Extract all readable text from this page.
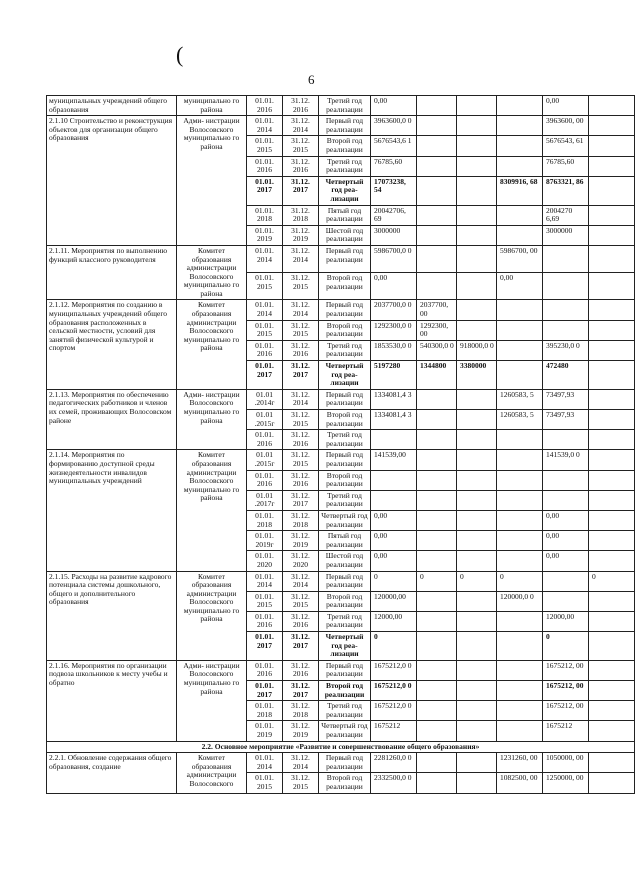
(
6
муниципальных учреждений общего образования	муниципально го района	01.01. 2016	31.12. 2016	Третий год реализации	0,00				0,00	
2.1.10 Строительство и реконструкция объектов для организации общего образования	Адми- нистрации Волосовского муниципально го района	01.01. 2014	31.12. 2014	Первый год реализации	3963600,0 0				3963600, 00	
		01.01. 2015	31.12. 2015	Второй год реализации	5676543,6 1				5676543, 61	
		01.01. 2016	31.12. 2016	Третий год реализации	76785,60				76785,60	
		01.01. 2017	31.12. 2017	Четвертый год реа- лизации	17073238, 54			8309916, 68	8763321, 86	
		01.01. 2018	31.12. 2018	Пятый год реализации	20042706, 69				2004270 6,69	
		01.01. 2019	31.12. 2019	Шестой год реализации	3000000				3000000	
2.1.11. Мероприятия по выполнению функций классного руководителя	Комитет образования администрации Волосовского муниципально го района	01.01. 2014	31.12. 2014	Первый год реализации	5986700,0 0			5986700, 00		
		01.01. 2015	31.12. 2015	Второй год реализации	0,00			0,00		
2.1.12. Мероприятия по созданию в муниципальных учреждений общего образования расположенных в сельской местности, условий для занятий физической культурой и спортом	Комитет образования администрации Волосовского муниципально го района	01.01. 2014	31.12. 2014	Первый год реализации	2037700,0 0	2037700, 00				
		01.01. 2015	31.12. 2015	Второй год реализации	1292300,0 0	1292300, 00				
		01.01. 2016	31.12. 2016	Третий год реализации	1853530,0 0	540300,0 0	918000,0 0		395230,0 0	
		01.01. 2017	31.12. 2017	Четвертый год реа- лизации	5197280	1344800	3380000		472480	
2.1.13. Мероприятия по обеспечению педагогических работников и членов их семей, проживающих Волосовском районе	Адми- нистрации Волосовского муниципально го района	01.01 .2014г	31.12. 2014	Первый год реализации	1334081,4 3			1260583, 5	73497,93	
		01.01 .2015г	31.12. 2015	Второй год реализации	1334081,4 3			1260583, 5	73497,93	
		01.01. 2016	31.12. 2016	Третий год реализации						
2.1.14. Мероприятия по формированию доступной среды жизнедеятельности инвалидов муниципальных учреждений	Комитет образования администрации Волосовского муниципально го района	01.01 .2015г	31.12. 2015	Первый год реализации	141539,00				141539,0 0	
		01.01. 2016	31.12. 2016	Второй год реализации						
		01.01 .2017г	31.12. 2017	Третий год реализации						
		01.01. 2018	31.12. 2018	Четвертый год реализации	0,00				0,00	
		01.01. 2019г	31.12. 2019	Пятый год реализации	0,00				0,00	
		01.01. 2020	31.12. 2020	Шестой год реализации	0,00				0,00	
2.1.15. Расходы на развитие кадрового потенциала системы дошкольного, общего и дополнительного образования	Комитет образования администрации Волосовского муниципально го района	01.01. 2014	31.12. 2014	Первый год реализации	0	0	0	0		0
		01.01. 2015	31.12. 2015	Второй год реализации	120000,00			120000,0 0		
		01.01. 2016	31.12. 2016	Третий год реализации	12000,00				12000,00	
		01.01. 2017	31.12. 2017	Четвертый год реа- лизации	0				0	
2.1.16. Мероприятия по организации подвоза школьников к месту учебы и обратно	Адми- нистрации Волосовского муниципально го района	01.01. 2016	31.12. 2016	Первый год реализации	1675212,0 0				1675212, 00	
		01.01. 2017	31.12. 2017	Второй год реализации	1675212,0 0				1675212, 00	
		01.01. 2018	31.12. 2018	Третий год реализации	1675212,0 0				1675212, 00	
		01.01. 2019	31.12. 2019	Четвертый год реализации	1675212				1675212	
2.2. Основное мероприятие «Развитие и совершенствование общего образования»										
2.2.1. Обновление содержания общего образования, создание	Комитет образования администрации Волосовского	01.01. 2014	31.12. 2014	Первый год реализации	2281260,0 0			1231260, 00	1050000, 00	
		01.01. 2015	31.12. 2015	Второй год реализации	2332500,0 0			1082500, 00	1250000, 00	
